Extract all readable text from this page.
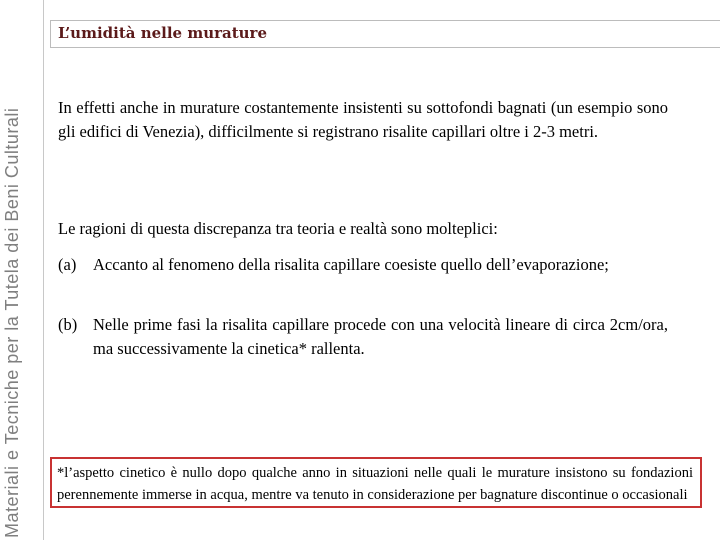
Materiali e Tecniche per la Tutela dei Beni Culturali
L’umidità nelle murature
In effetti anche in murature costantemente insistenti su sottofondi bagnati (un esempio sono gli edifici di Venezia), difficilmente si registrano risalite capillari oltre i 2-3 metri.
Le ragioni di questa discrepanza tra teoria e realtà sono molteplici:
(a) Accanto al fenomeno della risalita capillare coesiste quello dell’evaporazione;
(b) Nelle prime fasi la risalita capillare procede con una velocità lineare di circa 2cm/ora, ma successivamente la cinetica* rallenta.
*l’aspetto cinetico è nullo dopo qualche anno in situazioni nelle quali le murature insistono su fondazioni perennemente immerse in acqua, mentre va tenuto in considerazione per bagnature discontinue o occasionali
